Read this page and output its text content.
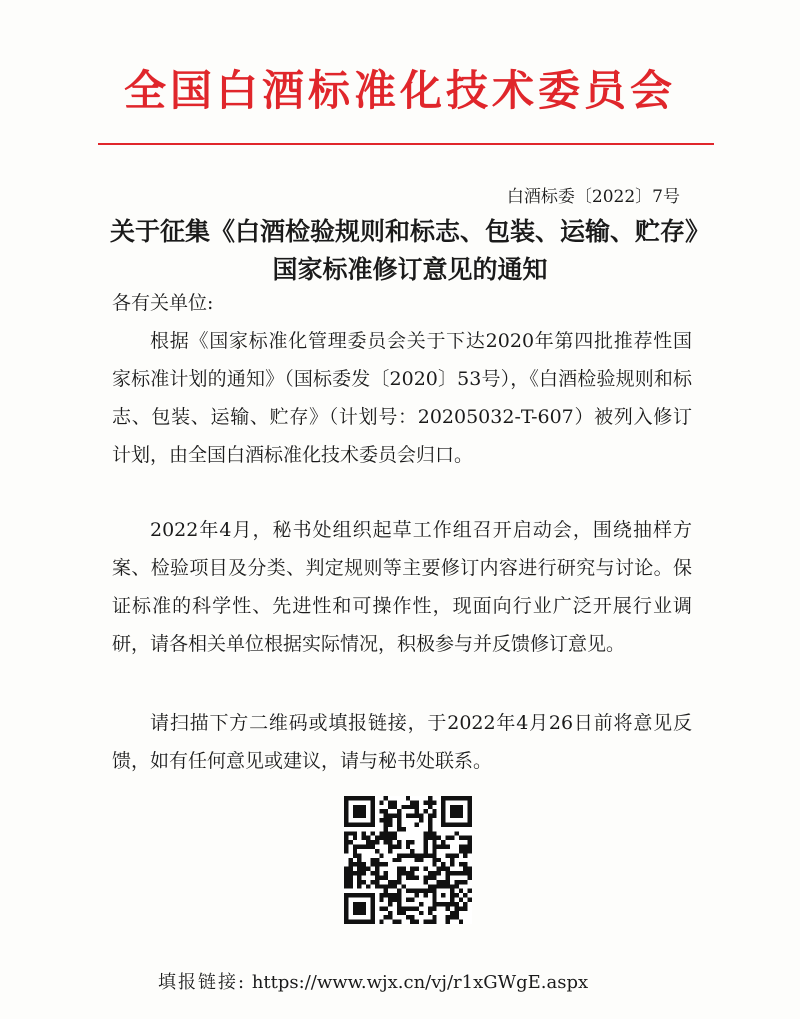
全国白酒标准化技术委员会
白酒标委〔2022〕7号
关于征集《白酒检验规则和标志、包装、运输、贮存》国家标准修订意见的通知
各有关单位:
根据《国家标准化管理委员会关于下达2020年第四批推荐性国家标准计划的通知》（国标委发〔2020〕53号），《白酒检验规则和标志、包装、运输、贮存》（计划号：20205032-T-607）被列入修订计划，由全国白酒标准化技术委员会归口。
2022年4月，秘书处组织起草工作组召开启动会，围绕抽样方案、检验项目及分类、判定规则等主要修订内容进行研究与讨论。保证标准的科学性、先进性和可操作性，现面向行业广泛开展行业调研，请各相关单位根据实际情况，积极参与并反馈修订意见。
请扫描下方二维码或填报链接，于2022年4月26日前将意见反馈，如有任何意见或建议，请与秘书处联系。
填报链接: https://www.wjx.cn/vj/r1xGWgE.aspx
